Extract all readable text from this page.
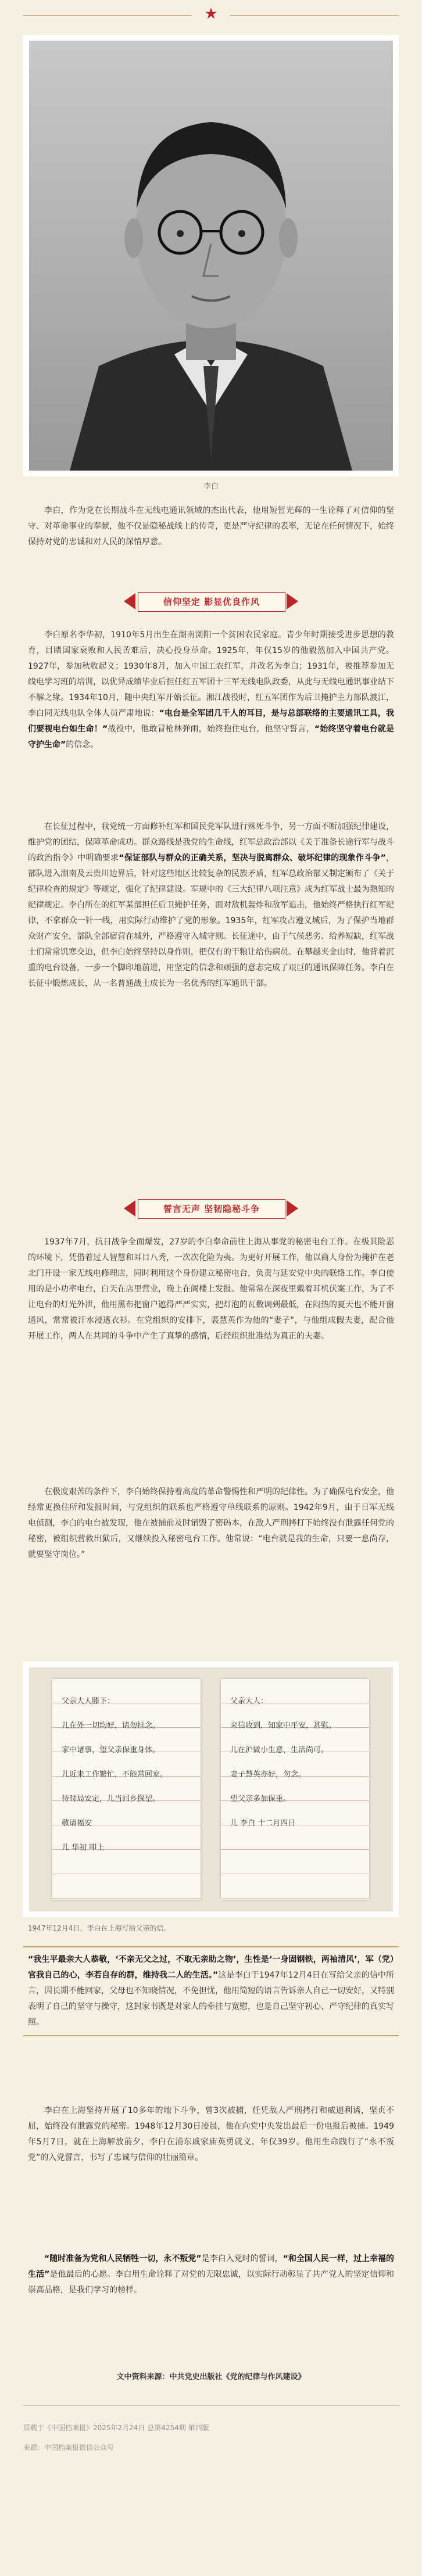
★
李白

李白，作为党在长期战斗在无线电通讯领域的杰出代表，他用短暂光辉的一生诠释了对信仰的坚守、对革命事业的奉献，他不仅是隐秘战线上的传奇，更是严守纪律的表率，无论在任何情况下，始终保持对党的忠诚和对人民的深情厚意。

信仰坚定 影显优良作风

李白原名李华初，1910年5月出生在湖南浏阳一个贫困农民家庭。青少年时期接受进步思想的教育，目睹国家衰败和人民苦难后，决心投身革命。1925年，年仅15岁的他毅然加入中国共产党。1927年，参加秋收起义；1930年8月，加入中国工农红军，并改名为李白；1931年，被推荐参加无线电学习班的培训，以优异成绩毕业后担任红五军团十三军无线电队政委，从此与无线电通讯事业结下不解之缘。1934年10月，随中央红军开始长征。湘江战役时，红五军团作为后卫掩护主力部队渡江，李白同无线电队全体人员严肃地说：“电台是全军团几千人的耳目，是与总部联络的主要通讯工具，我们要视电台如生命！”战役中，他敢冒枪林弹雨，始终抱住电台，他坚守誓言，“始终坚守着电台就是守护生命”的信念。

在长征过程中，我党统一方面修补红军和国民党军队进行殊死斗争，另一方面不断加强纪律建设，维护党的团结，保障革命成功。群众路线是我党的生命线，红军总政治部以《关于准备长途行军与战斗的政治指令》中明确要求“保证部队与群众的正确关系，坚决与脱离群众、破坏纪律的现象作斗争”，部队进入湖南及云贵川边界后，针对这些地区比较复杂的民族矛盾，红军总政治部又制定颁布了《关于纪律检查的规定》等规定，强化了纪律建设。军规中的《三大纪律八项注意》成为红军战士最为熟知的纪律规定。李白所在的红军某部担任后卫掩护任务，面对敌机轰炸和敌军追击，他始终严格执行红军纪律，不拿群众一针一线，用实际行动维护了党的形象。1935年，红军攻占遵义城后，为了保护当地群众财产安全，部队全部宿营在城外，严格遵守入城守则。长征途中，由于气候恶劣、给养短缺，红军战士们常常饥寒交迫，但李白始终坚持以身作则，把仅有的干粮让给伤病员。在攀越夹金山时，他背着沉重的电台设备，一步一个脚印地前进，用坚定的信念和顽强的意志完成了艰巨的通讯保障任务。李白在长征中锻炼成长，从一名普通战士成长为一名优秀的红军通讯干部。

誓言无声 坚韧隐秘斗争

1937年7月，抗日战争全面爆发，27岁的李白奉命前往上海从事党的秘密电台工作。在极其险恶的环境下，凭借着过人智慧和耳目八秀，一次次化险为夷。为更好开展工作，他以商人身份为掩护在老北门开设一家无线电修理店，同时利用这个身份建立秘密电台，负责与延安党中央的联络工作。李白使用的是小功率电台，白天在店里营业，晚上在阁楼上发报。他常常在深夜里戴着耳机伏案工作，为了不让电台的灯光外泄，他用黑布把窗户遮得严严实实，把灯泡的瓦数调到最低，在闷热的夏天也不能开窗通风，常常被汗水浸透衣衫。在党组织的安排下，裘慧英作为他的“妻子”，与他组成假夫妻，配合他开展工作，两人在共同的斗争中产生了真挚的感情，后经组织批准结为真正的夫妻。

在极度艰苦的条件下，李白始终保持着高度的革命警惕性和严明的纪律性。为了确保电台安全，他经常更换住所和发报时间，与党组织的联系也严格遵守单线联系的原则。1942年9月，由于日军无线电侦测，李白的电台被发现，他在被捕前及时销毁了密码本，在敌人严刑拷打下始终没有泄露任何党的秘密，被组织营救出狱后，又继续投入秘密电台工作。他常说：“电台就是我的生命，只要一息尚存，就要坚守岗位。”

父亲大人膝下：
儿在外一切均好，请勿挂念。
家中诸事，望父亲保重身体。
儿近来工作繁忙，不能常回家。
待时局安定，儿当回乡探望。
敬请福安
儿 华初 叩上
父亲大人：
来信收到，知家中平安，甚慰。
儿在沪做小生意，生活尚可。
妻子慧英亦好，勿念。
望父亲多加保重。
儿 李白 十二月四日
1947年12月4日，李白在上海写给父亲的信。

“我生平最亲大人恭敬，‘不亲无父之过，不取无亲助之物’，生性是‘一身固钢铁，两袖清风’，军（党）官我自己的心，李若自存的群，维持我二人的生活。”这是李白于1947年12月4日在写给父亲的信中所言，因长期不能回家，父母也不知晓情况，不免担忧，他用简短的语言告诉亲人自己一切安好，又特别表明了自己的坚守与操守，这封家书既是对家人的牵挂与宽慰，也是自己坚守初心、严守纪律的真实写照。

李白在上海坚持开展了10多年的地下斗争，曾3次被捕，任凭敌人严刑拷打和威逼利诱，坚贞不屈，始终没有泄露党的秘密。1948年12月30日凌晨，他在向党中央发出最后一份电报后被捕。1949年5月7日，就在上海解放前夕，李白在浦东戚家庙英勇就义，年仅39岁。他用生命践行了“永不叛党”的入党誓言，书写了忠诚与信仰的壮丽篇章。

“随时准备为党和人民牺牲一切，永不叛党”是李白入党时的誓词，“和全国人民一样，过上幸福的生活”是他最后的心愿。李白用生命诠释了对党的无限忠诚，以实际行动彰显了共产党人的坚定信仰和崇高品格，是我们学习的榜样。

文中资料来源：中共党史出版社《党的纪律与作风建设》
原载于《中国档案报》2025年2月24日 总第4254期 第四版
来源：中国档案报微信公众号
